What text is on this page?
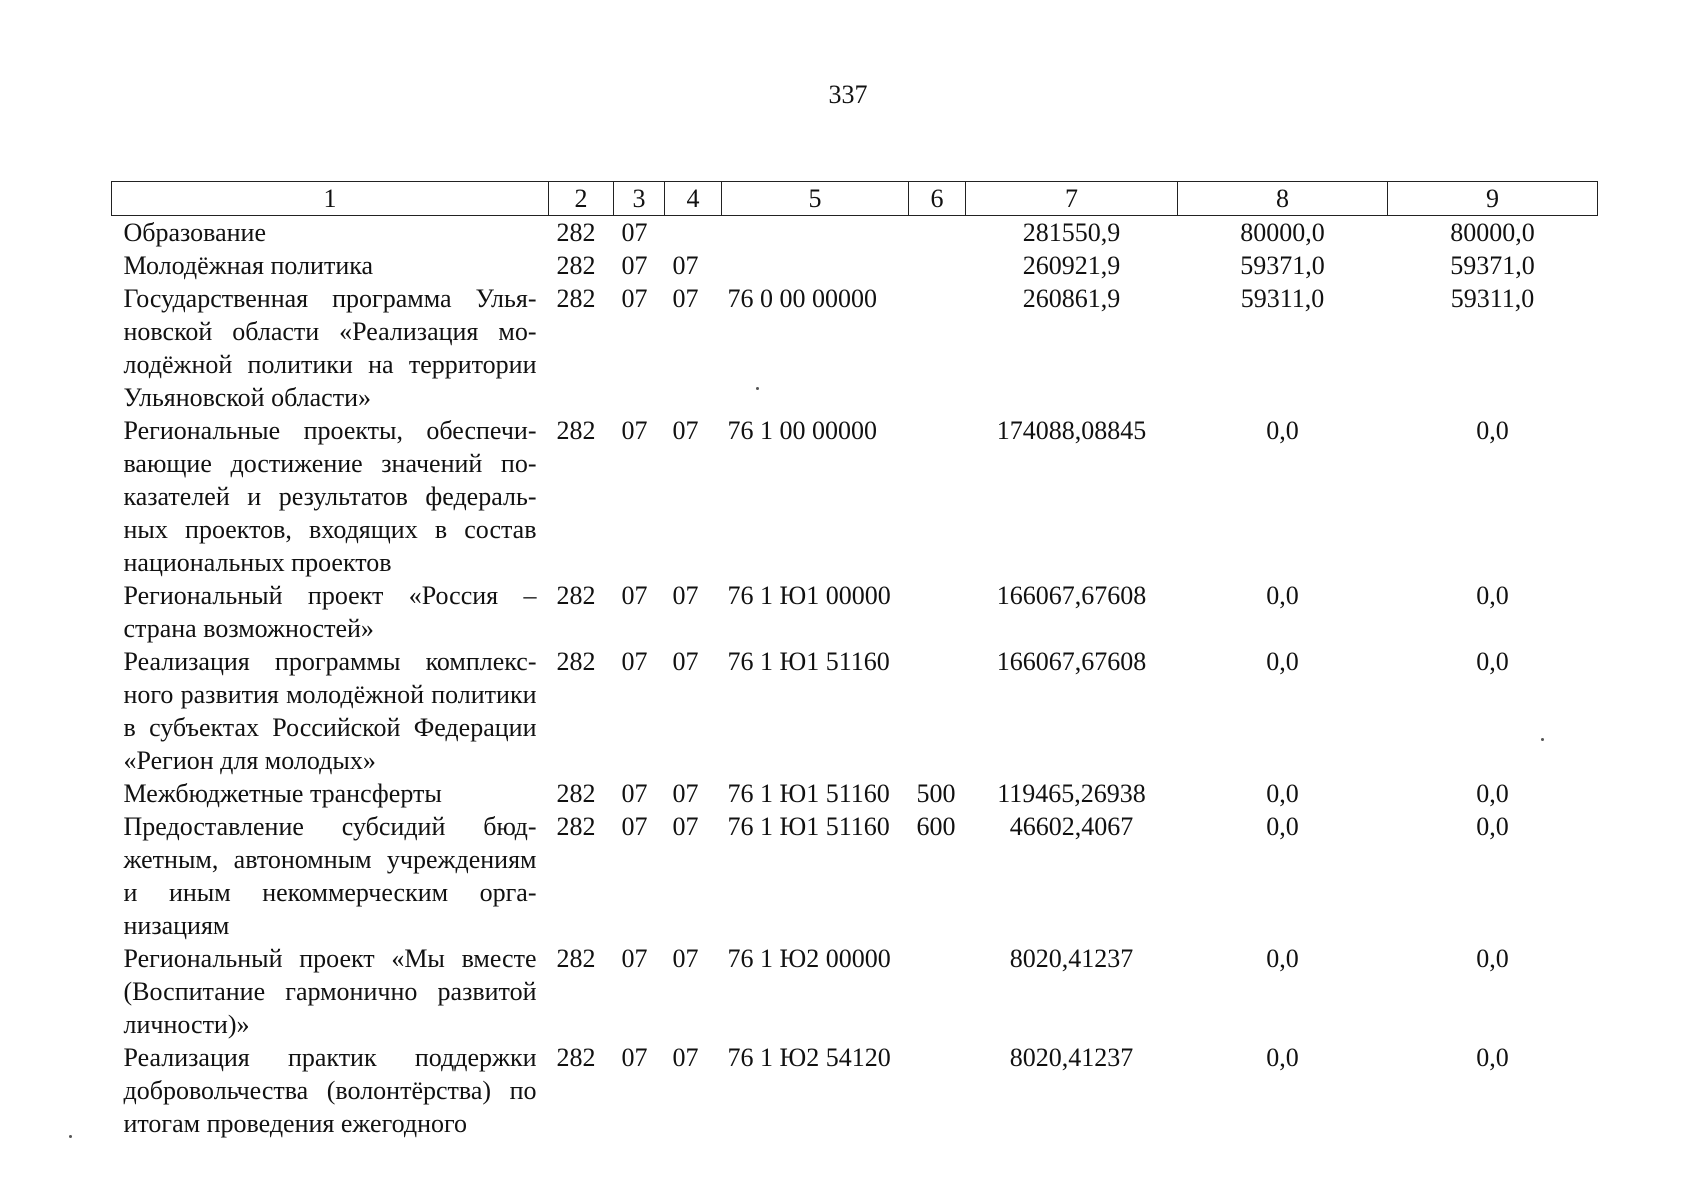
337
1	2	3	4	5	6	7	8	9
Образование	282	07				281550,9	80000,0	80000,0
Молодёжная политика	282	07	07			260921,9	59371,0	59371,0
Государственная программа Ульяновской области «Реализация молодёжной политики на территории Ульяновской области»	282	07	07	76 0 00 00000		260861,9	59311,0	59311,0
Региональные проекты, обеспечивающие достижение значений показателей и результатов федеральных проектов, входящих в состав национальных проектов	282	07	07	76 1 00 00000		174088,08845	0,0	0,0
Региональный проект «Россия – страна возможностей»	282	07	07	76 1 Ю1 00000		166067,67608	0,0	0,0
Реализация программы комплексного развития молодёжной политики в субъектах Российской Федерации «Регион для молодых»	282	07	07	76 1 Ю1 51160		166067,67608	0,0	0,0
Межбюджетные трансферты	282	07	07	76 1 Ю1 51160	500	119465,26938	0,0	0,0
Предоставление субсидий бюджетным, автономным учреждениям и иным некоммерческим организациям	282	07	07	76 1 Ю1 51160	600	46602,4067	0,0	0,0
Региональный проект «Мы вместе (Воспитание гармонично развитой личности)»	282	07	07	76 1 Ю2 00000		8020,41237	0,0	0,0
Реализация практик поддержки добровольчества (волонтёрства) по итогам проведения ежегодного	282	07	07	76 1 Ю2 54120		8020,41237	0,0	0,0
